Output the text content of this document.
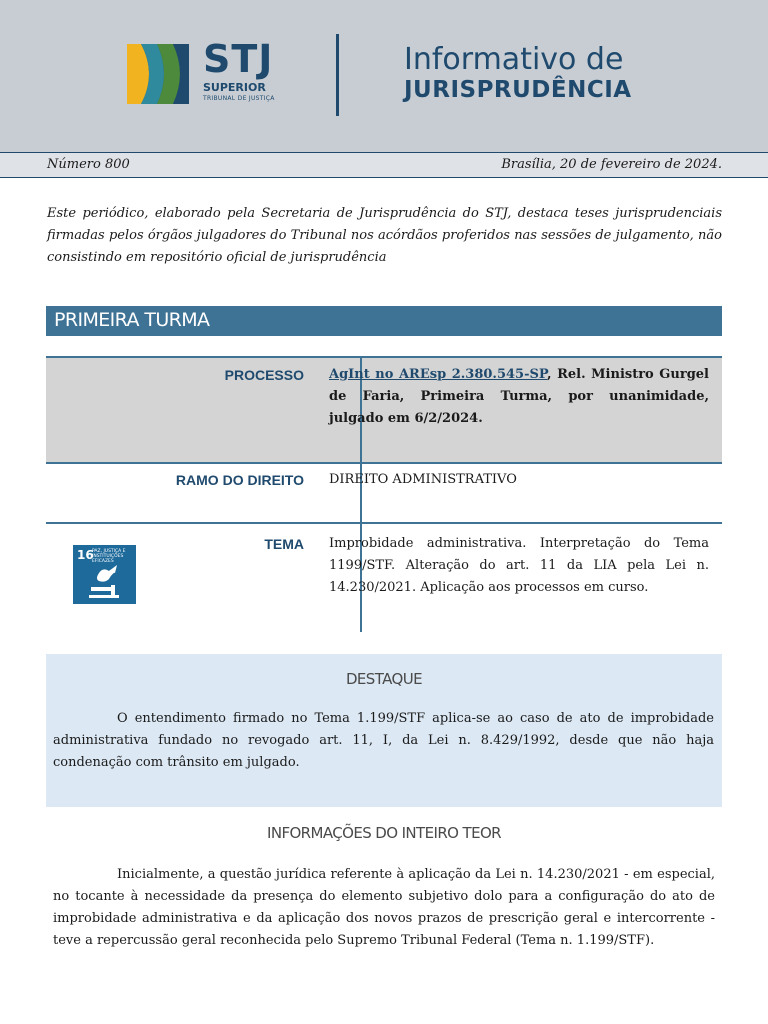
STJ
SUPERIOR
TRIBUNAL DE JUSTIÇA
Informativo de
JURISPRUDÊNCIA
Número 800	Brasília, 20 de fevereiro de 2024.
Este periódico, elaborado pela Secretaria de Jurisprudência do STJ, destaca teses jurisprudenciais firmadas pelos órgãos julgadores do Tribunal nos acórdãos proferidos nas sessões de julgamento, não consistindo em repositório oficial de jurisprudência
PRIMEIRA TURMA
PROCESSO AgInt no AREsp 2.380.545-SP, Rel. Ministro Gurgel de Faria, Primeira Turma, por unanimidade, julgado em 6/2/2024.
RAMO DO DIREITO DIREITO ADMINISTRATIVO
TEMA Improbidade administrativa. Interpretação do Tema 1199/STF. Alteração do art. 11 da LIA pela Lei n. 14.230/2021. Aplicação aos processos em curso.
16
PAZ, JUSTIÇA E INSTITUIÇÕES EFICAZES
DESTAQUE
O entendimento firmado no Tema 1.199/STF aplica-se ao caso de ato de improbidade administrativa fundado no revogado art. 11, I, da Lei n. 8.429/1992, desde que não haja condenação com trânsito em julgado.
INFORMAÇÕES DO INTEIRO TEOR
Inicialmente, a questão jurídica referente à aplicação da Lei n. 14.230/2021 - em especial, no tocante à necessidade da presença do elemento subjetivo dolo para a configuração do ato de improbidade administrativa e da aplicação dos novos prazos de prescrição geral e intercorrente - teve a repercussão geral reconhecida pelo Supremo Tribunal Federal (Tema n. 1.199/STF).
